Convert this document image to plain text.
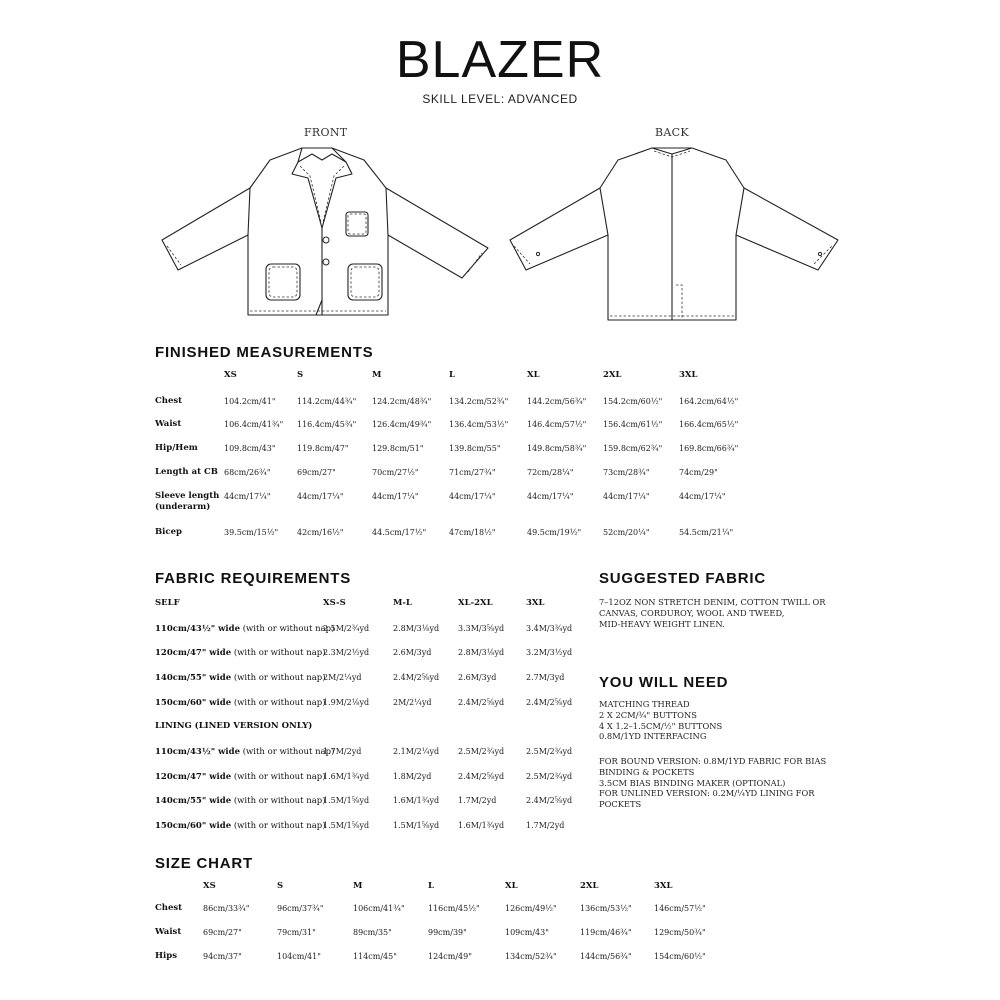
BLAZER
SKILL LEVEL: ADVANCED
FRONT	BACK
FINISHED MEASUREMENTS
XS	S	M	L	XL	2XL	3XL
Chest	104.2cm/41"	114.2cm/44¾" 124.2cm/48¾" 134.2cm/52¾" 144.2cm/56¾" 154.2cm/60½" 164.2cm/64½"
Waist	106.4cm/41¾" 116.4cm/45¾" 126.4cm/49¾" 136.4cm/53½" 146.4cm/57½" 156.4cm/61½" 166.4cm/65½"
Hip/Hem	109.8cm/43"	119.8cm/47"	129.8cm/51"	139.8cm/55"	149.8cm/58¾" 159.8cm/62¾" 169.8cm/66¾"
Length at CB 68cm/26¾"	69cm/27"	70cm/27½"	71cm/27¾"	72cm/28¼"	73cm/28¾"	74cm/29"
Sleeve length
(underarm)
44cm/17¼"	44cm/17¼"	44cm/17¼"	44cm/17¼"	44cm/17¼"	44cm/17¼"	44cm/17¼"
Bicep	39.5cm/15½" 42cm/16½"	44.5cm/17½"	47cm/18½"	49.5cm/19½"	52cm/20¼"	54.5cm/21¼"
FABRIC REQUIREMENTS
SELF	XS-S	M-L	XL-2XL	3XL
110cm/43½" wide (with or without nap)
2.5M/2¾yd	2.8M/3⅛yd 3.3M/3⅝yd	3.4M/3¾yd
120cm/47" wide (with or without nap)
2.3M/2½yd	2.6M/3yd	2.8M/3⅛yd	3.2M/3½yd
140cm/55" wide (with or without nap)
2M/2¼yd	2.4M/2⅝yd 2.6M/3yd	2.7M/3yd
150cm/60" wide (with or without nap)
1.9M/2⅛yd	2M/2¼yd	2.4M/2⅝yd	2.4M/2⅝yd
LINING (LINED VERSION ONLY)
110cm/43½" wide (with or without nap)
1.7M/2yd	2.1M/2¼yd 2.5M/2¾yd	2.5M/2¾yd
120cm/47" wide (with or without nap)
1.6M/1¾yd	1.8M/2yd	2.4M/2⅝yd	2.5M/2¾yd
140cm/55" wide (with or without nap)
1.5M/1⅝yd	1.6M/1¾yd 1.7M/2yd	2.4M/2⅝yd
150cm/60" wide (with or without nap)
1.5M/1⅝yd	1.5M/1⅝yd 1.6M/1¾yd	1.7M/2yd
SUGGESTED FABRIC
7–12OZ NON STRETCH DENIM, COTTON TWILL OR
CANVAS, CORDUROY, WOOL AND TWEED,
MID-HEAVY WEIGHT LINEN.
YOU WILL NEED
MATCHING THREAD
2 X 2CM/¾" BUTTONS
4 X 1.2–1.5CM/½" BUTTONS
0.8M/1YD INTERFACING
FOR BOUND VERSION: 0.8M/1YD FABRIC FOR BIAS
BINDING & POCKETS
3.5CM BIAS BINDING MAKER (OPTIONAL)
FOR UNLINED VERSION: 0.2M/¼YD LINING FOR
POCKETS
SIZE CHART
XS	S	M	L	XL	2XL	3XL
Chest	86cm/33¾"	96cm/37¾"	106cm/41¾"	116cm/45½"	126cm/49½"	136cm/53½"	146cm/57½"
Waist	69cm/27"	79cm/31"	89cm/35"	99cm/39"	109cm/43"	119cm/46¾"	129cm/50¾"
Hips	94cm/37"	104cm/41"	114cm/45"	124cm/49"	134cm/52¾"	144cm/56¾"	154cm/60½"
